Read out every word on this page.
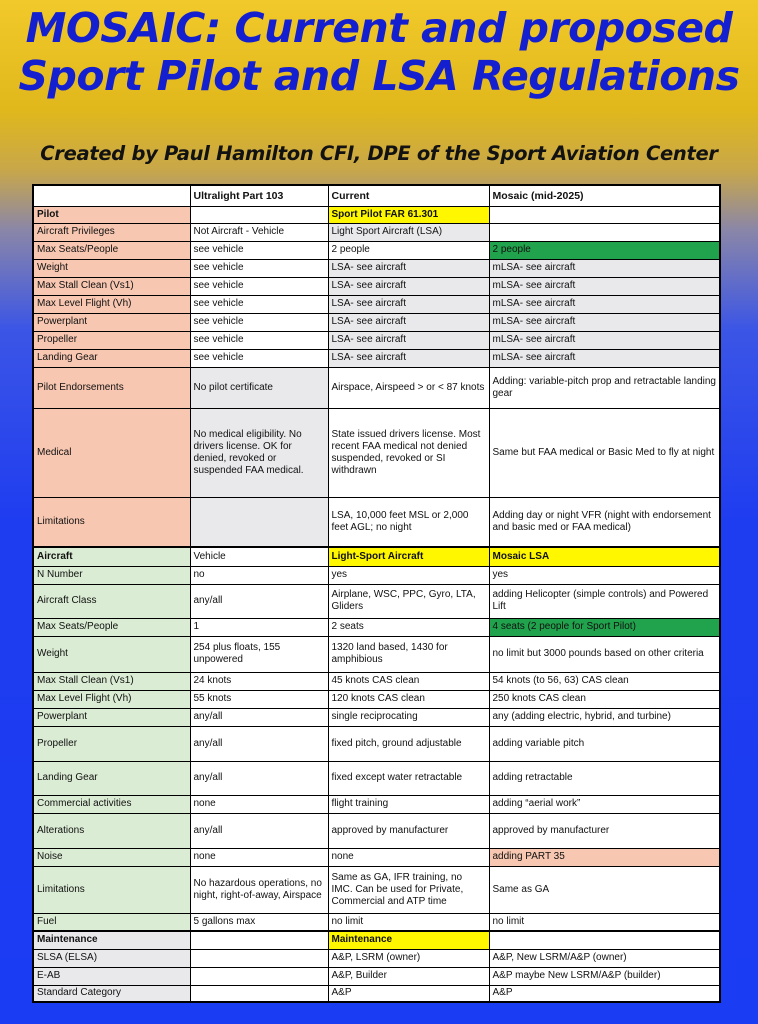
MOSAIC: Current and proposed
Sport Pilot and LSA Regulations
Created by Paul Hamilton CFI, DPE of the Sport Aviation Center
	Ultralight Part 103	Current	Mosaic (mid-2025)
Pilot		Sport Pilot FAR 61.301	
Aircraft Privileges	Not Aircraft - Vehicle	Light Sport Aircraft (LSA)	
Max Seats/People	see vehicle	2 people	2 people
Weight	see vehicle	LSA- see aircraft	mLSA- see aircraft
Max Stall Clean (Vs1)	see vehicle	LSA- see aircraft	mLSA- see aircraft
Max Level Flight (Vh)	see vehicle	LSA- see aircraft	mLSA- see aircraft
Powerplant	see vehicle	LSA- see aircraft	mLSA- see aircraft
Propeller	see vehicle	LSA- see aircraft	mLSA- see aircraft
Landing Gear	see vehicle	LSA- see aircraft	mLSA- see aircraft
Pilot Endorsements	No pilot certificate	Airspace, Airspeed > or < 87 knots	Adding: variable-pitch prop and retractable landing gear
Medical	No medical eligibility. No drivers license. OK for denied, revoked or suspended FAA medical.	State issued drivers license. Most recent FAA medical not denied suspended, revoked or SI withdrawn	Same but FAA medical or Basic Med to fly at night
Limitations		LSA, 10,000 feet MSL or 2,000 feet AGL; no night	Adding day or night VFR (night with endorsement and basic med or FAA medical)
Aircraft	Vehicle	Light-Sport Aircraft	Mosaic LSA
N Number	no	yes	yes
Aircraft Class	any/all	Airplane, WSC, PPC, Gyro, LTA, Gliders	adding Helicopter (simple controls) and Powered Lift
Max Seats/People	1	2 seats	4 seats (2 people for Sport Pilot)
Weight	254 plus floats, 155 unpowered	1320 land based, 1430 for amphibious	no limit but 3000 pounds based on other criteria
Max Stall Clean (Vs1)	24 knots	45 knots CAS clean	54 knots (to 56, 63) CAS clean
Max Level Flight (Vh)	55 knots	120 knots CAS clean	250 knots CAS clean
Powerplant	any/all	single reciprocating	any (adding electric, hybrid, and turbine)
Propeller	any/all	fixed pitch, ground adjustable	adding variable pitch
Landing Gear	any/all	fixed except water retractable	adding retractable
Commercial activities	none	flight training	adding “aerial work”
Alterations	any/all	approved by manufacturer	approved by manufacturer
Noise	none	none	adding PART 35
Limitations	No hazardous operations, no night, right-of-away, Airspace	Same as GA, IFR training, no IMC. Can be used for Private, Commercial and ATP time	Same as GA
Fuel	5 gallons max	no limit	no limit
Maintenance		Maintenance	
SLSA (ELSA)		A&P, LSRM (owner)	A&P, New LSRM/A&P (owner)
E-AB		A&P, Builder	A&P maybe New LSRM/A&P (builder)
Standard Category		A&P	A&P
